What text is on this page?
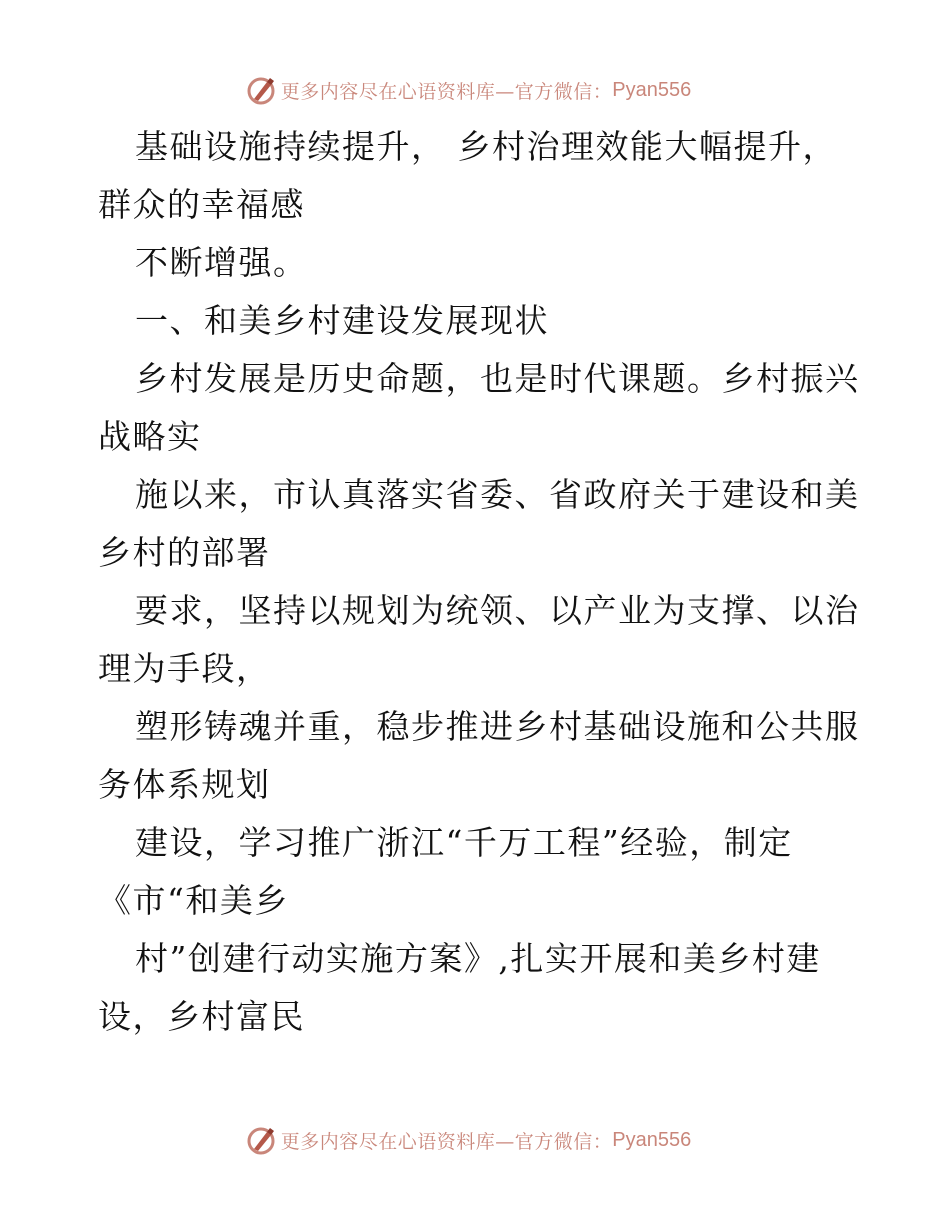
更多内容尽在心语资料库—官方微信： Pyan556
基础设施持续提升， 乡村治理效能大幅提升，
群众的幸福感
不断增强。
一、和美乡村建设发展现状
乡村发展是历史命题，也是时代课题。乡村振兴
战略实
施以来，市认真落实省委、省政府关于建设和美
乡村的部署
要求，坚持以规划为统领、以产业为支撑、以治
理为手段，
塑形铸魂并重，稳步推进乡村基础设施和公共服
务体系规划
建设，学习推广浙江“千万工程”经验，制定
《市“和美乡
村”创建行动实施方案》,扎实开展和美乡村建
设，乡村富民
更多内容尽在心语资料库—官方微信： Pyan556
